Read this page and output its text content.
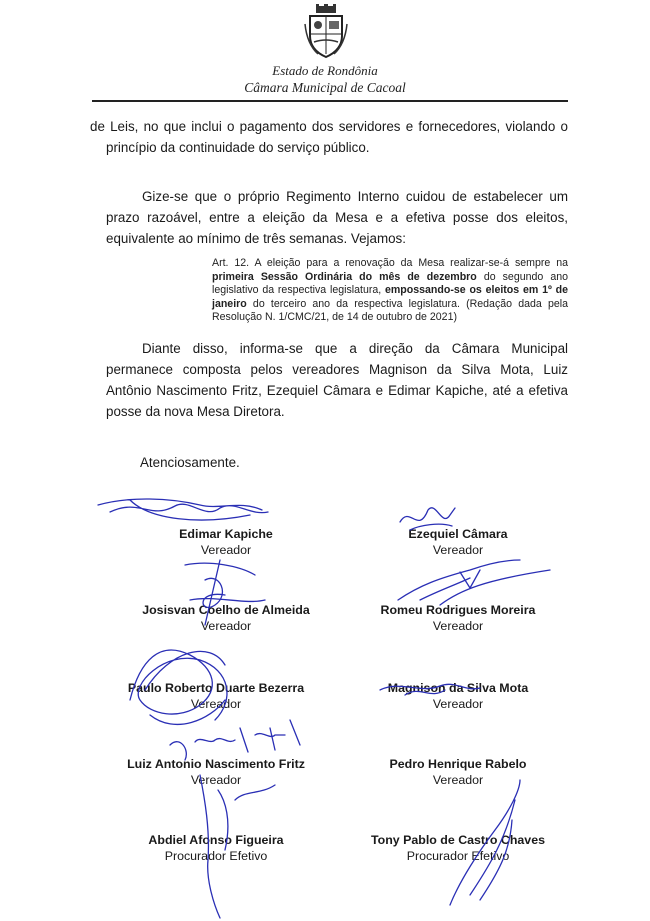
Estado de Rondônia
Câmara Municipal de Cacoal

de Leis, no que inclui o pagamento dos servidores e fornecedores, violando o princípio da continuidade do serviço público.

Gize-se que o próprio Regimento Interno cuidou de estabelecer um prazo razoável, entre a eleição da Mesa e a efetiva posse dos eleitos, equivalente ao mínimo de três semanas. Vejamos:

Art. 12. A eleição para a renovação da Mesa realizar-se-á sempre na primeira Sessão Ordinária do mês de dezembro do segundo ano legislativo da respectiva legislatura, empossando-se os eleitos em 1º de janeiro do terceiro ano da respectiva legislatura. (Redação dada pela Resolução N. 1/CMC/21, de 14 de outubro de 2021)

Diante disso, informa-se que a direção da Câmara Municipal permanece composta pelos vereadores Magnison da Silva Mota, Luiz Antônio Nascimento Fritz, Ezequiel Câmara e Edimar Kapiche, até a efetiva posse da nova Mesa Diretora.

Atenciosamente.

Edimar Kapiche
Vereador
Ezequiel Câmara
Vereador
Josisvan Coelho de Almeida
Vereador
Romeu Rodrigues Moreira
Vereador
Paulo Roberto Duarte Bezerra
Vereador
Magnison da Silva Mota
Vereador
Luiz Antonio Nascimento Fritz
Vereador
Pedro Henrique Rabelo
Vereador
Abdiel Afonso Figueira
Procurador Efetivo
Tony Pablo de Castro Chaves
Procurador Efetivo
